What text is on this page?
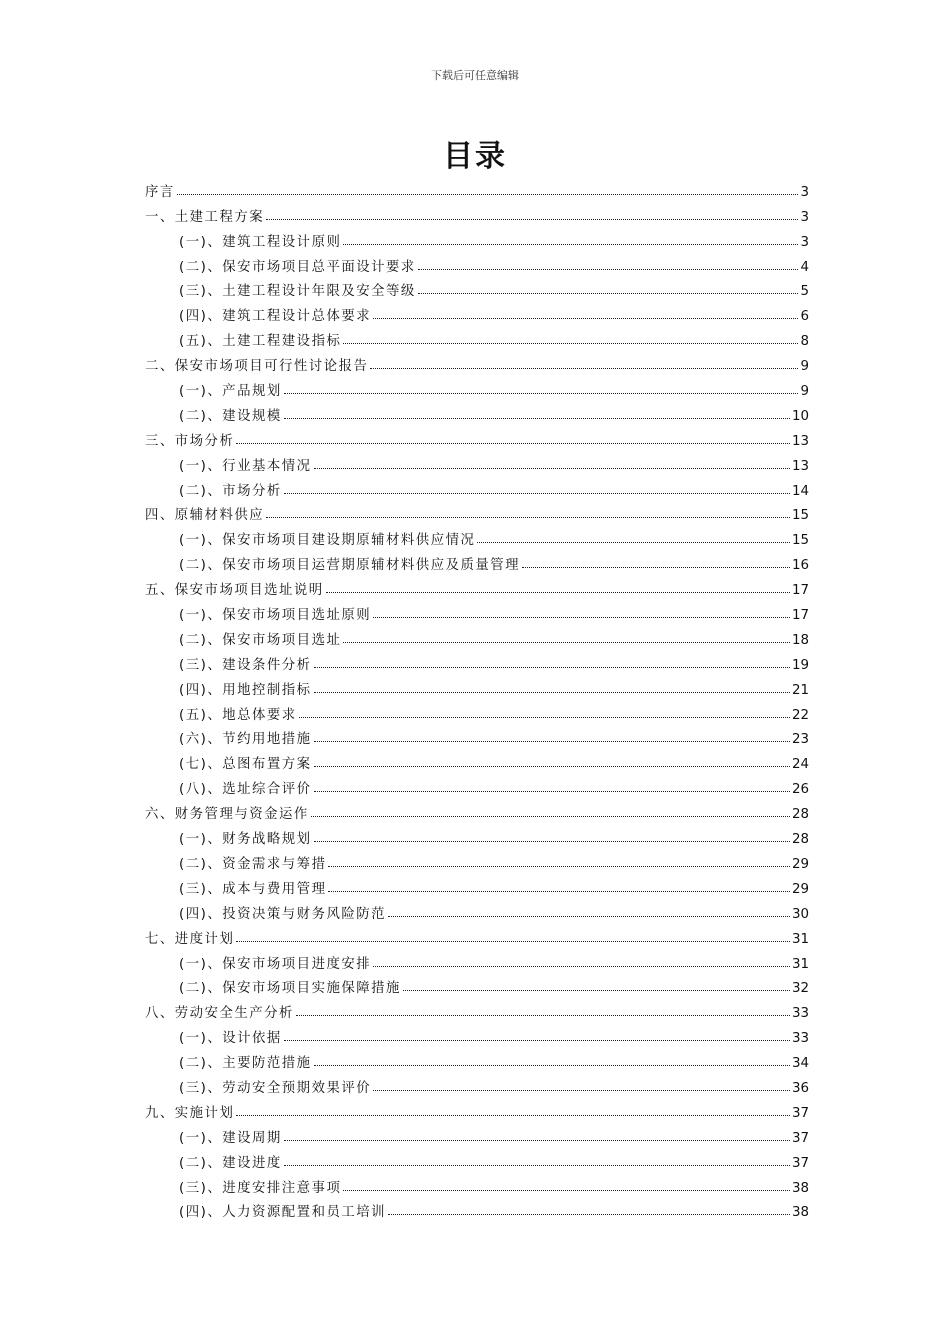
下载后可任意编辑
目录
序言	3
一、土建工程方案	3
(一)、建筑工程设计原则	3
(二)、保安市场项目总平面设计要求	4
(三)、土建工程设计年限及安全等级	5
(四)、建筑工程设计总体要求	6
(五)、土建工程建设指标	8
二、保安市场项目可行性讨论报告	9
(一)、产品规划	9
(二)、建设规模	10
三、市场分析	13
(一)、行业基本情况	13
(二)、市场分析	14
四、原辅材料供应	15
(一)、保安市场项目建设期原辅材料供应情况	15
(二)、保安市场项目运营期原辅材料供应及质量管理	16
五、保安市场项目选址说明	17
(一)、保安市场项目选址原则	17
(二)、保安市场项目选址	18
(三)、建设条件分析	19
(四)、用地控制指标	21
(五)、地总体要求	22
(六)、节约用地措施	23
(七)、总图布置方案	24
(八)、选址综合评价	26
六、财务管理与资金运作	28
(一)、财务战略规划	28
(二)、资金需求与筹措	29
(三)、成本与费用管理	29
(四)、投资决策与财务风险防范	30
七、进度计划	31
(一)、保安市场项目进度安排	31
(二)、保安市场项目实施保障措施	32
八、劳动安全生产分析	33
(一)、设计依据	33
(二)、主要防范措施	34
(三)、劳动安全预期效果评价	36
九、实施计划	37
(一)、建设周期	37
(二)、建设进度	37
(三)、进度安排注意事项	38
(四)、人力资源配置和员工培训	38
